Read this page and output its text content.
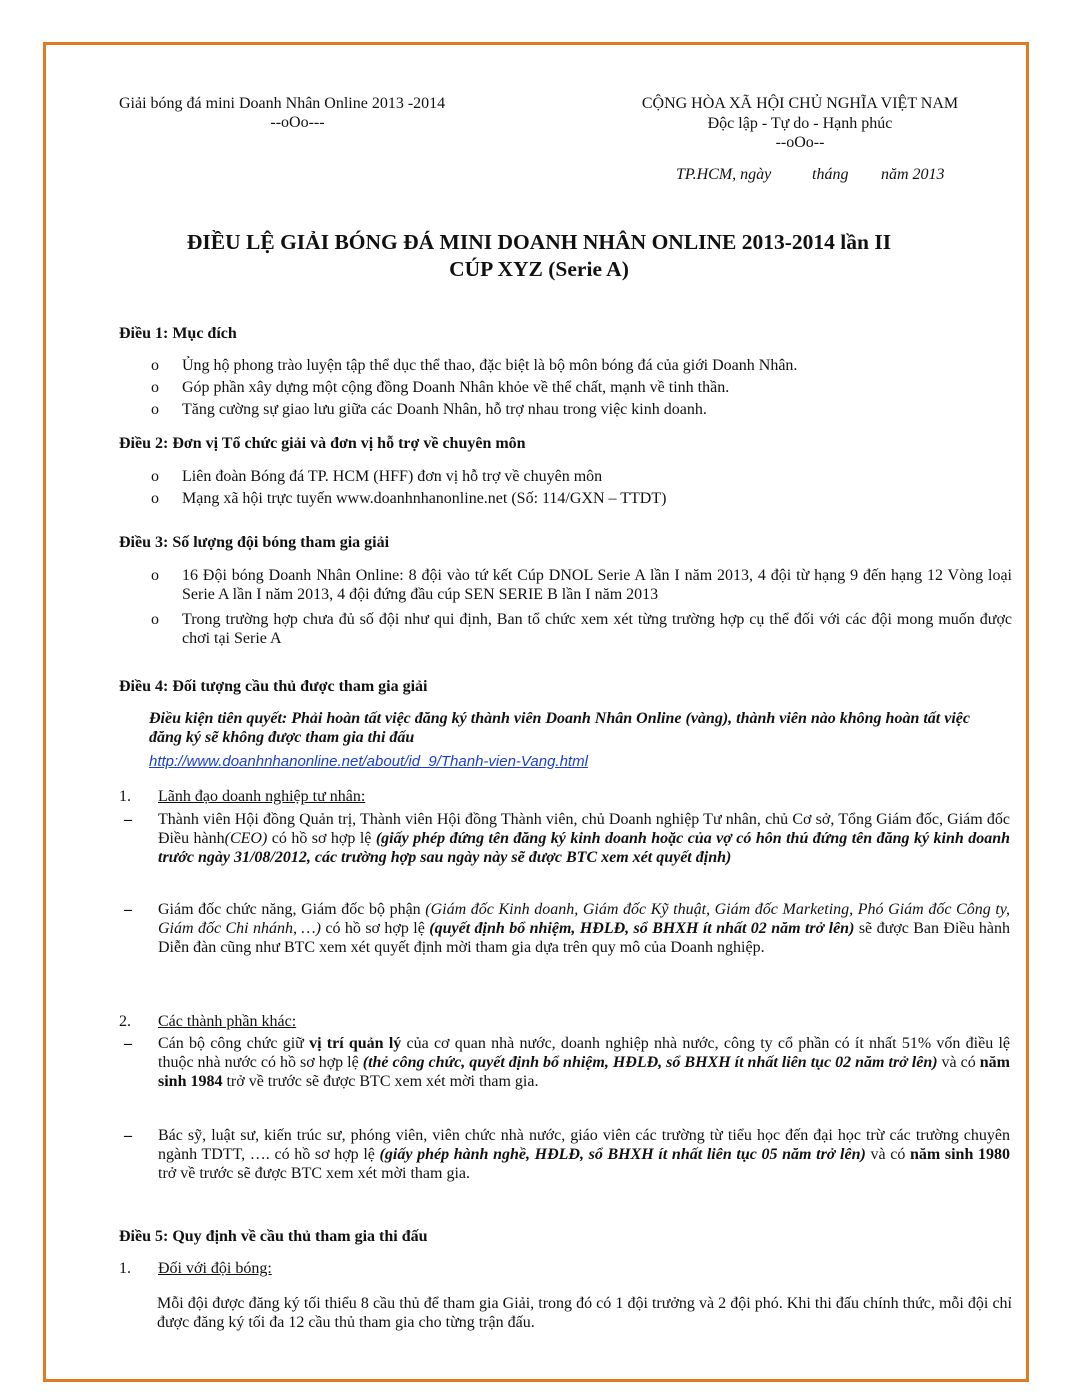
Giải bóng đá mini Doanh Nhân Online 2013 -2014
--oOo---
CỘNG HÒA XÃ HỘI CHỦ NGHĨA VIỆT NAM
Độc lập - Tự do - Hạnh phúc
--oOo--
TP.HCM, ngày	tháng năm 2013
ĐIỀU LỆ GIẢI BÓNG ĐÁ MINI DOANH NHÂN ONLINE 2013-2014 lần II
CÚP XYZ (Serie A)
Điều 1: Mục đích
o Ủng hộ phong trào luyện tập thể dục thể thao, đặc biệt là bộ môn bóng đá của giới Doanh Nhân.
o Góp phần xây dựng một cộng đồng Doanh Nhân khỏe về thể chất, mạnh về tinh thần.
o Tăng cường sự giao lưu giữa các Doanh Nhân, hỗ trợ nhau trong việc kinh doanh.
Điều 2: Đơn vị Tổ chức giải và đơn vị hỗ trợ về chuyên môn
o Liên đoàn Bóng đá TP. HCM (HFF) đơn vị hỗ trợ về chuyên môn
o Mạng xã hội trực tuyến www.doanhnhanonline.net (Số: 114/GXN – TTDT)
Điều 3: Số lượng đội bóng tham gia giải
o 16 Đội bóng Doanh Nhân Online: 8 đội vào tứ kết Cúp DNOL Serie A lần I năm 2013, 4 đội từ hạng 9 đến hạng 12 Vòng loại Serie A lần I năm 2013, 4 đội đứng đầu cúp SEN SERIE B lần I năm 2013
o Trong trường hợp chưa đủ số đội như qui định, Ban tổ chức xem xét từng trường hợp cụ thể đối với các đội mong muốn được chơi tại Serie A
Điều 4: Đối tượng cầu thủ được tham gia giải
Điều kiện tiên quyết: Phải hoàn tất việc đăng ký thành viên Doanh Nhân Online (vàng), thành viên nào không hoàn tất việc đăng ký sẽ không được tham gia thi đấu
http://www.doanhnhanonline.net/about/id_9/Thanh-vien-Vang.html
1. Lãnh đạo doanh nghiệp tư nhân:
– Thành viên Hội đồng Quản trị, Thành viên Hội đồng Thành viên, chủ Doanh nghiệp Tư nhân, chủ Cơ sở, Tổng Giám đốc, Giám đốc Điều hành(CEO) có hồ sơ hợp lệ (giấy phép đứng tên đăng ký kinh doanh hoặc của vợ có hôn thú đứng tên đăng ký kinh doanh trước ngày 31/08/2012, các trường hợp sau ngày này sẽ được BTC xem xét quyết định)
– Giám đốc chức năng, Giám đốc bộ phận (Giám đốc Kinh doanh, Giám đốc Kỹ thuật, Giám đốc Marketing, Phó Giám đốc Công ty, Giám đốc Chi nhánh, …) có hồ sơ hợp lệ (quyết định bổ nhiệm, HĐLĐ, sổ BHXH ít nhất 02 năm trở lên) sẽ được Ban Điều hành Diễn đàn cũng như BTC xem xét quyết định mời tham gia dựa trên quy mô của Doanh nghiệp.
2. Các thành phần khác:
– Cán bộ công chức giữ vị trí quản lý của cơ quan nhà nước, doanh nghiệp nhà nước, công ty cổ phần có ít nhất 51% vốn điều lệ thuộc nhà nước có hồ sơ hợp lệ (thẻ công chức, quyết định bổ nhiệm, HĐLĐ, sổ BHXH ít nhất liên tục 02 năm trở lên) và có năm sinh 1984 trở về trước sẽ được BTC xem xét mời tham gia.
– Bác sỹ, luật sư, kiến trúc sư, phóng viên, viên chức nhà nước, giáo viên các trường từ tiểu học đến đại học trừ các trường chuyên ngành TDTT, …. có hồ sơ hợp lệ (giấy phép hành nghề, HĐLĐ, sổ BHXH ít nhất liên tục 05 năm trở lên) và có năm sinh 1980 trở về trước sẽ được BTC xem xét mời tham gia.
Điều 5: Quy định về cầu thủ tham gia thi đấu
1. Đối với đội bóng:
Mỗi đội được đăng ký tối thiểu 8 cầu thủ để tham gia Giải, trong đó có 1 đội trưởng và 2 đội phó. Khi thi đấu chính thức, mỗi đội chỉ được đăng ký tối đa 12 cầu thủ tham gia cho từng trận đấu.
